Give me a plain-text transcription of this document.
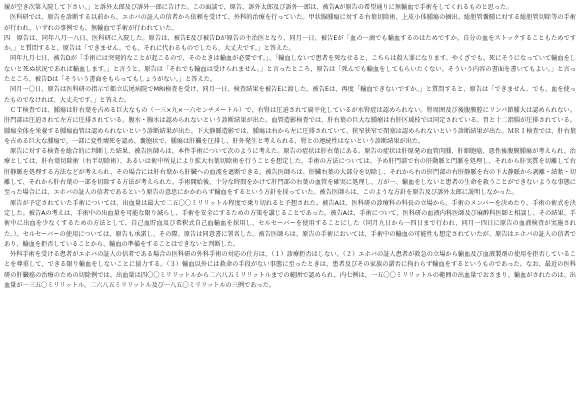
履が空き次第入院して下さい。」と訴外太郎及び訴外一郎に告げた。この面談で、原告、訴外太郎及び訴外一郎は、被告Aが原告の希望通りに無輸血で手術をしてくれるものと思った。

医科研では、原告を診断する以前から、エホバの証人の信者から依頼を受けて、外科的治療を行っていた。甲状腺腫瘍に対する右葉切除術、上皮小体腫瘍の摘出、総胆管嚢腫に対する総胆管切除等の手術が行われ、いずれの事例でも、無輸血で手術が行われていた。

四　原告は、同年八月一八日、医科研に入院した。原告は、被告E及び被告Dが原告の主治医となり、同月一日、被告Eが「血の一滴でも輸血するのはためですか。自分の血をストックすることもためですか。」と質問すると、原告は「できません。でも、それに代わるものでしたら、大丈夫です。」と答えた。

同年九月七日、被告Dが「手術には突発的なことが起こるので、そのときは輸血が必要です。」、「輸血しないで患者を死なせると、こちらは殺人罪になります。やくざでも、死にそうになっていて輸血をしないと死ぬ状況であれば輸血します。」と言うと、原告は「それでも輸血は受けられません。」と言ったところ、原告は「死んでも輸血をしてもらいたくない。そういう内容の書面を書いてもよい。」と言ったところ、被告Dは「そういう書面をもらってもしょうがない。」と答えた。

同月一〇日、原告は医科研の指示で都立広尾病院でMRI検査を受け、同月一日、検査結果を被告Eに渡した。被告Eは、再度「輸血できないですか。」と質問すると、原告は「できません。でも、血を使ったものでなければ、大丈夫です。」と答えた。

ＣＴ検査では、腫瘍は肝右葉を占める巨大なもの（一三×九×一六センチメートル）で、右腎は圧迫されて扁平化しているが水腎症は認められない。腎周囲及び後腹膜腔にリンパ節腫大は認められない。肝門部は圧迫されて左方に圧排されている。腹水・胸水は認められないという診断結果が出た。血管造影検査では、肝右葉の巨大な腫瘤は右肝区域枝では同定されている。胃と十二指腸が圧排されている。腫瘍全体を栄養する腫瘍血管は認められないという診断結果が出た。下大静脈造影では、腫瘍は右から左に圧排されていて、狭窄狭窄で閉塞は認められないという診断結果が出た。ＭＲＩ検査では、肝右葉を占める巨大な腫瘍で、一部に変性壊死を認め、嚢胞状で、腫瘍は肝臓を圧排し、肝外発生と考えられる、腎との連続性はないという診断結果が出た。

原告に対する検査を総合的に判断した結果、被告医師らは、本件手術について次のように考えた。原告の症状は肝右葉にある。原告の症状は肝原発の血管肉腫、肝細胞癌、悪性後腹膜腫瘍が考えられ、治療としては、肝右葉切除術（右半切除術）、あるいは術中所見により拡大右葉切除術を行うことを想定した。手術の方法については、予め肝門部で右の肝動脈と門脈を処理し、それから肝実質を切離して右肝静脈を処理する方法などが考えられ、その場合には肝右葉から肝臓への血流を遮断できる。被告医師らは、肝臓右葉の大部分を切除し、それから右の肝門部の右肝静脈を右の下大静脈から剥離・結紮・切離して、それから肝右葉の一部を切除する方法が考えられた。手術開始後、十分な時間をかけて肝門部の右葉の血管を確実に処理し、万が一、輸血をしないと患者の生命を救うことができないような事態に至った場合には、エホバの証人の信者であるという原告の意思にかかわらず輸血をするという方針を採っていた。被告医師らは、このような方針を原告及び訴外太郎に説明しなかった。

原告が予定されていた手術については、出血量は最大で二五〇〇ミリリットル程度で乗り切れると予想された。被告Aは、医科研の診療科の科長の立場から、手術のメンバーを決めたり、手術の術式を決定した。被告Aの考えは、手術中の出血量を可能な限り減らし、手術を安全にするための方策を講じることであった。被告Aは、手術について、医科研の血液内科医師及び麻酔科医師と相談し、その結果、手術中に出血を少なくするための方法として、自己血貯血及び希釈式自己血輸血を採用し、セルセーバーを使用することにした（同月九日から一四日まで行われ、同月一四日に原告の血液検査が実施された。）。セルセーバーの使用については、原告も承諾し、その際、原告は同意書に署名した。被告医師らは、原告の手術においては、手術中の輸血の可能性も想定されていたが、原告はエホバの証人の信者であり、輸血を拒否していることから、輸血の準備をすることはできないと判断した。

外科手術を受ける患者がエホバの証人の信者である場合の医科研の外科手術の対応の仕方は、（１）診療拒否はしない。（２）エホバの証人患者が救急の立場から輸血及び血液製剤の使用を拒否していることを尊重して、できる限り輸血をしないことに協力する。（３）輸血以外には救命の手段がない事態に至ったときは、患者及びその家族の諾否に拘わらず輸血をするというものであった。なお、最近の医科研の肝臓癌の治療のための切除例では、出血量は四〇〇ミリリットルから二六八五ミリリットルまでの範囲で認められ、内七例は、一五〇〇ミリリットルの範囲の出血量でおさまり、輸血がされたのは、出血量が一三五〇ミリリットル、二六八五ミリリットル及び一八五〇ミリリットルの三例であった。
